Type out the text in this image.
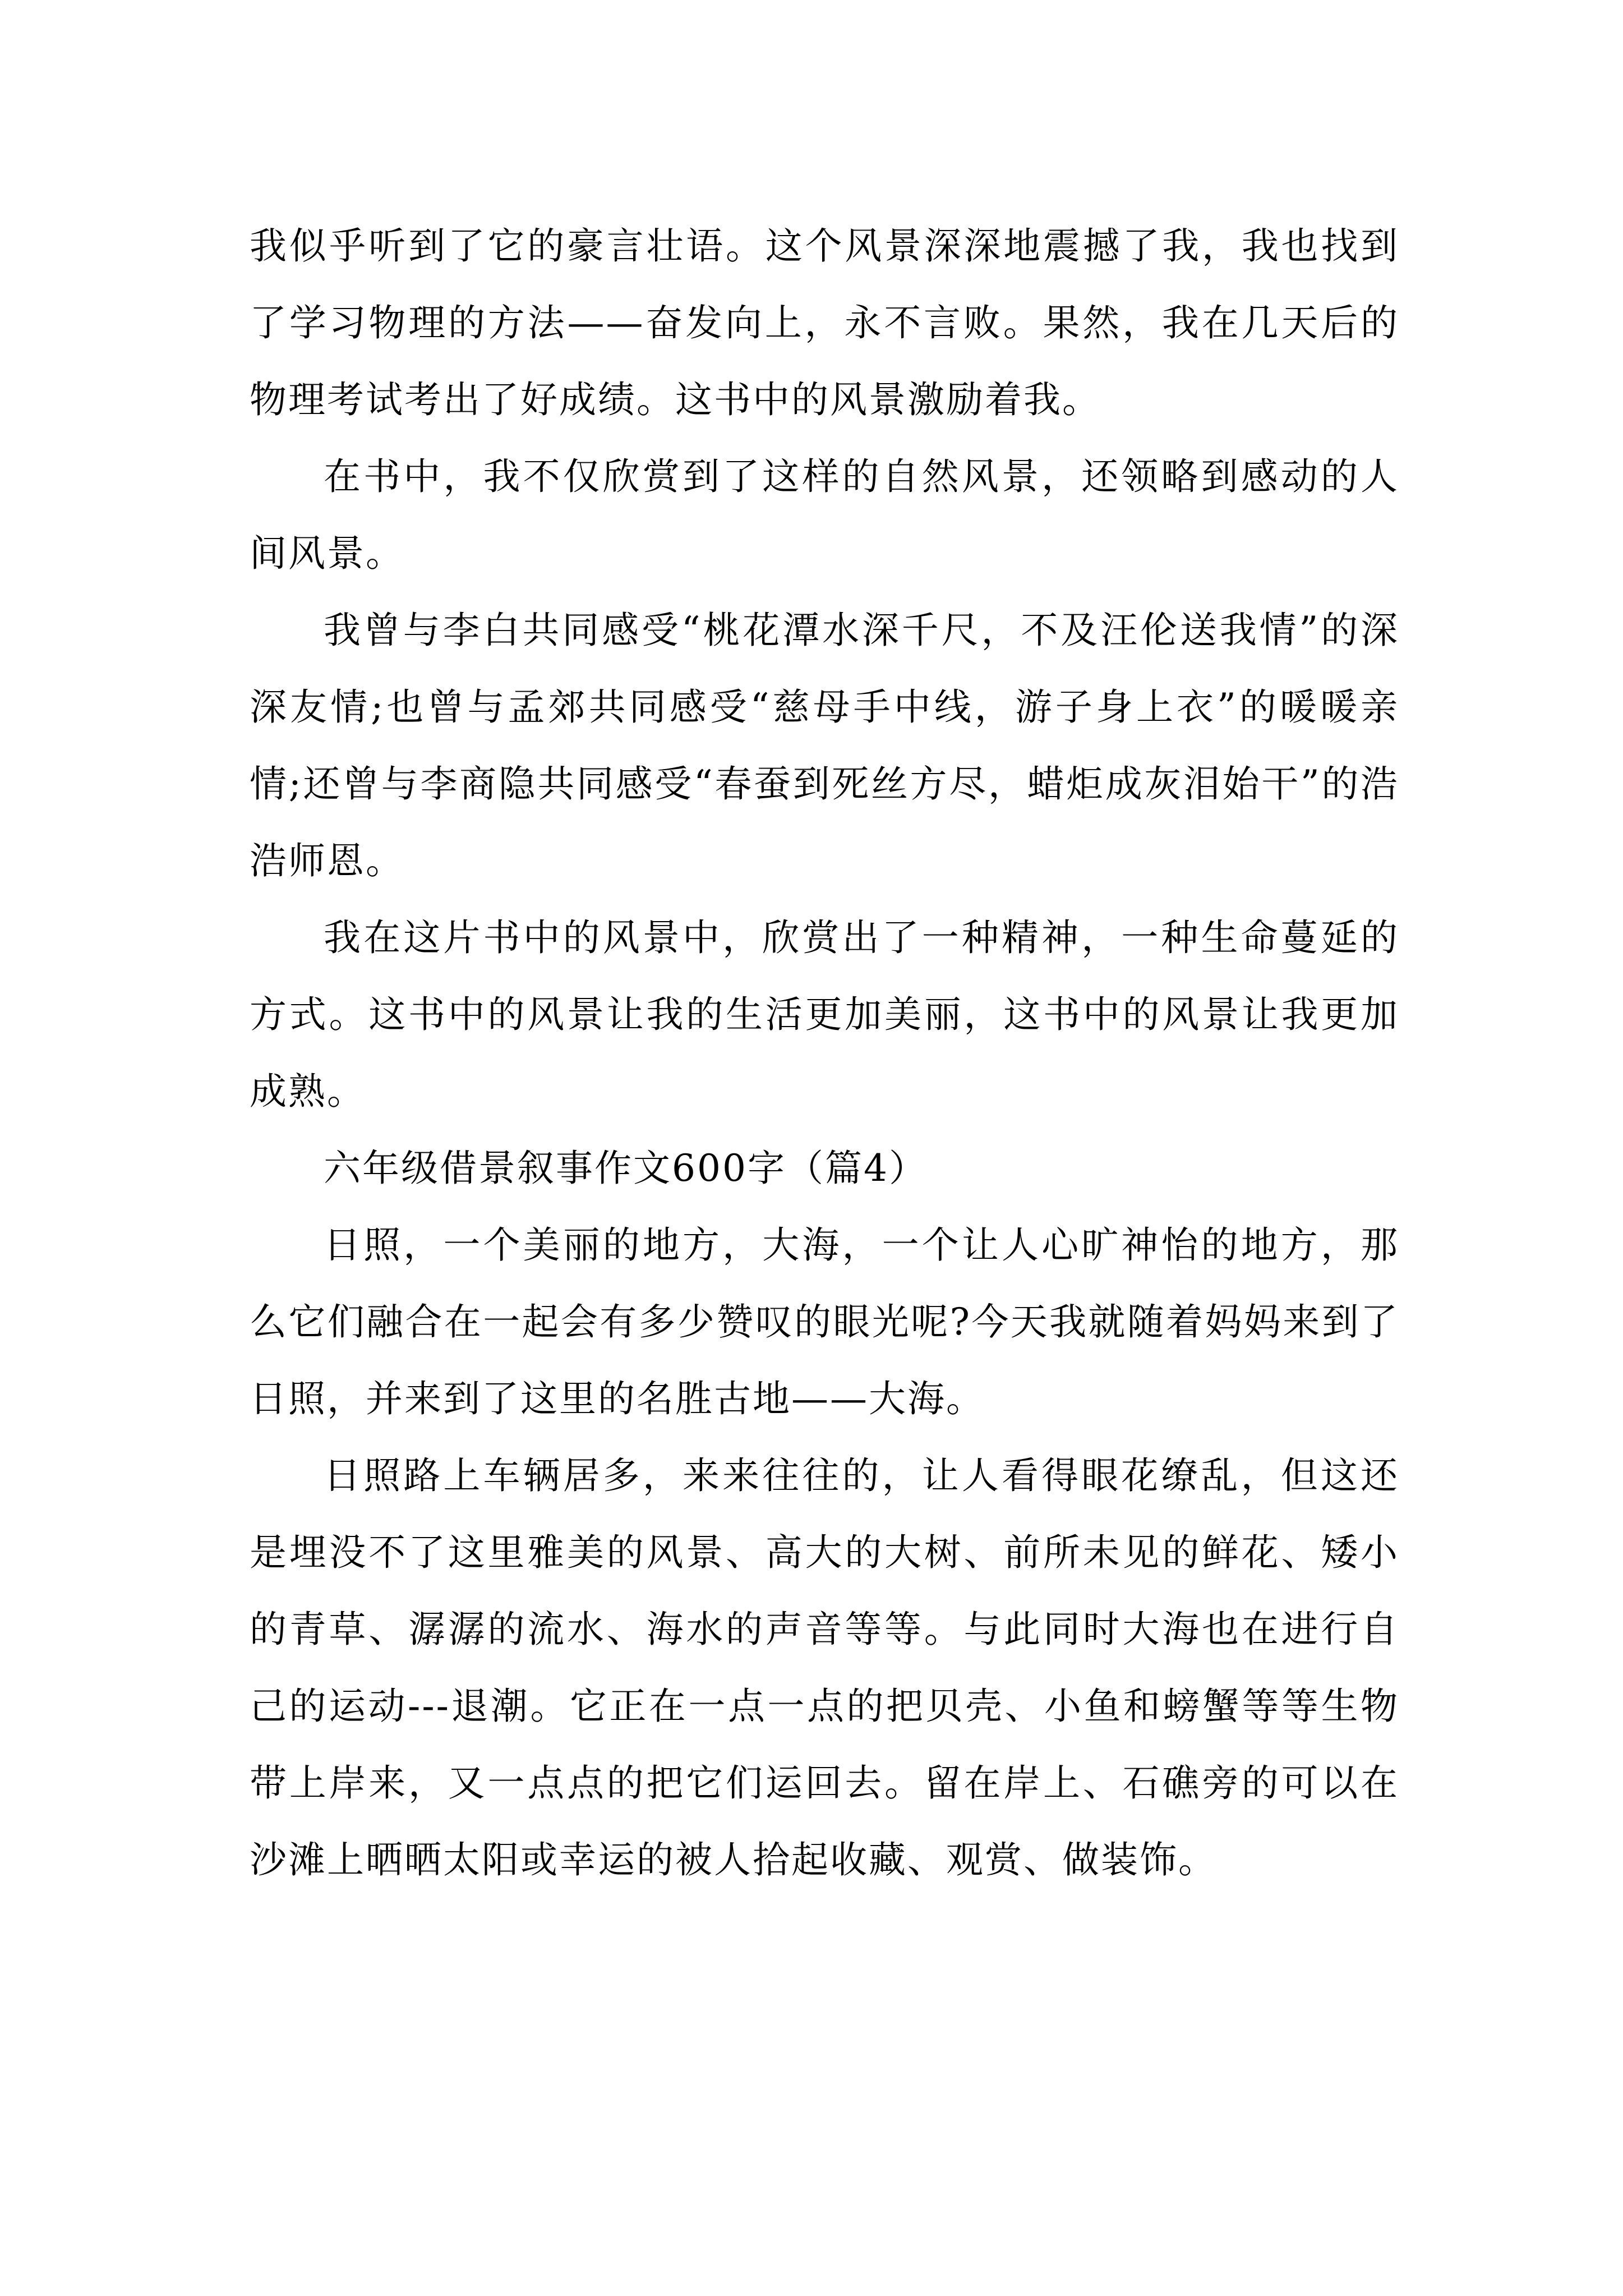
我似乎听到了它的豪言壮语。这个风景深深地震撼了我，我也找到了学习物理的方法——奋发向上，永不言败。果然，我在几天后的物理考试考出了好成绩。这书中的风景激励着我。

在书中，我不仅欣赏到了这样的自然风景，还领略到感动的人间风景。

我曾与李白共同感受“桃花潭水深千尺，不及汪伦送我情”的深深友情;也曾与孟郊共同感受“慈母手中线，游子身上衣”的暖暖亲情;还曾与李商隐共同感受“春蚕到死丝方尽，蜡炬成灰泪始干”的浩浩师恩。

我在这片书中的风景中，欣赏出了一种精神，一种生命蔓延的方式。这书中的风景让我的生活更加美丽，这书中的风景让我更加成熟。

六年级借景叙事作文600字（篇4）

日照，一个美丽的地方，大海，一个让人心旷神怡的地方，那么它们融合在一起会有多少赞叹的眼光呢?今天我就随着妈妈来到了日照，并来到了这里的名胜古地——大海。

日照路上车辆居多，来来往往的，让人看得眼花缭乱，但这还是埋没不了这里雅美的风景、高大的大树、前所未见的鲜花、矮小的青草、潺潺的流水、海水的声音等等。与此同时大海也在进行自己的运动---退潮。它正在一点一点的把贝壳、小鱼和螃蟹等等生物带上岸来，又一点点的把它们运回去。留在岸上、石礁旁的可以在沙滩上晒晒太阳或幸运的被人拾起收藏、观赏、做装饰。
